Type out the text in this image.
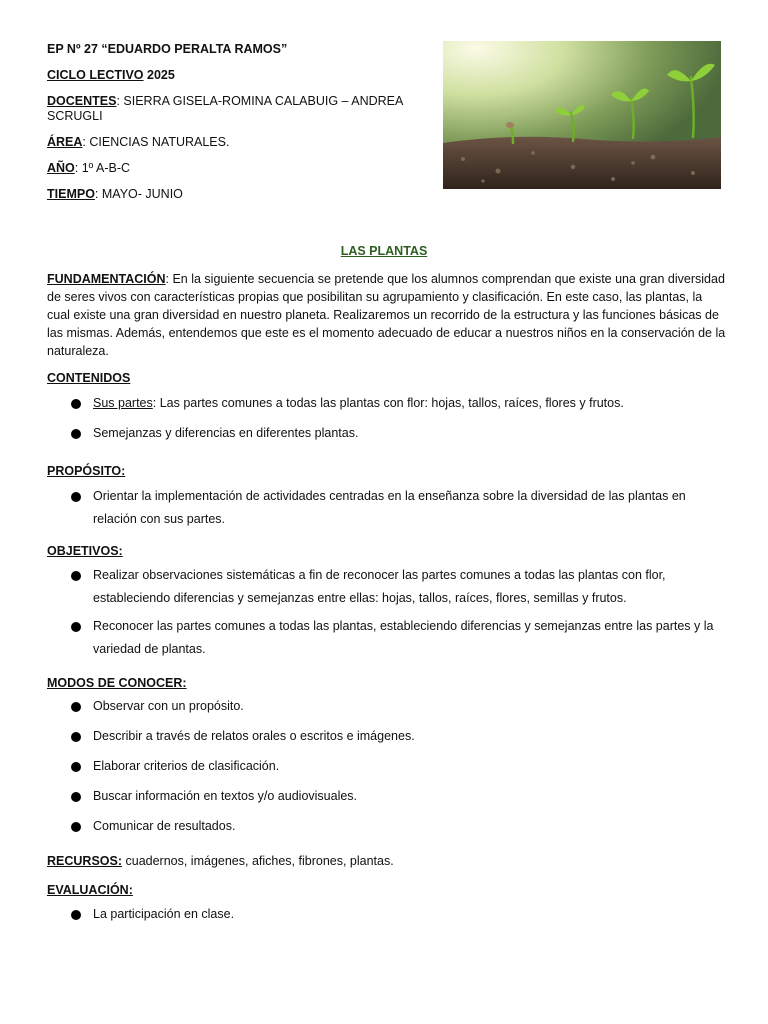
EP Nº 27 “EDUARDO PERALTA RAMOS”
CICLO LECTIVO 2025
DOCENTES: SIERRA GISELA-ROMINA CALABUIG – ANDREA SCRUGLI
ÁREA: CIENCIAS NATURALES.
AÑO: 1º A-B-C
TIEMPO: MAYO- JUNIO
LAS PLANTAS

FUNDAMENTACIÓN: En la siguiente secuencia se pretende que los alumnos comprendan que existe una gran diversidad de seres vivos con características propias que posibilitan su agrupamiento y clasificación. En este caso, las plantas, la cual existe una gran diversidad en nuestro planeta. Realizaremos un recorrido de la estructura y las funciones básicas de las mismas. Además, entendemos que este es el momento adecuado de educar a nuestros niños en la conservación de la naturaleza.

CONTENIDOS
Sus partes: Las partes comunes a todas las plantas con flor: hojas, tallos, raíces, flores y frutos.
Semejanzas y diferencias en diferentes plantas.
PROPÓSITO:
Orientar la implementación de actividades centradas en la enseñanza sobre la diversidad de las plantas en relación con sus partes.
OBJETIVOS:
Realizar observaciones sistemáticas a fin de reconocer las partes comunes a todas las plantas con flor, estableciendo diferencias y semejanzas entre ellas: hojas, tallos, raíces, flores, semillas y frutos.
Reconocer las partes comunes a todas las plantas, estableciendo diferencias y semejanzas entre las partes y la variedad de plantas.
MODOS DE CONOCER:
Observar con un propósito.
Describir a través de relatos orales o escritos e imágenes.
Elaborar criterios de clasificación.
Buscar información en textos y/o audiovisuales.
Comunicar de resultados.

RECURSOS: cuadernos, imágenes, afiches, fibrones, plantas.

EVALUACIÓN:
La participación en clase.
